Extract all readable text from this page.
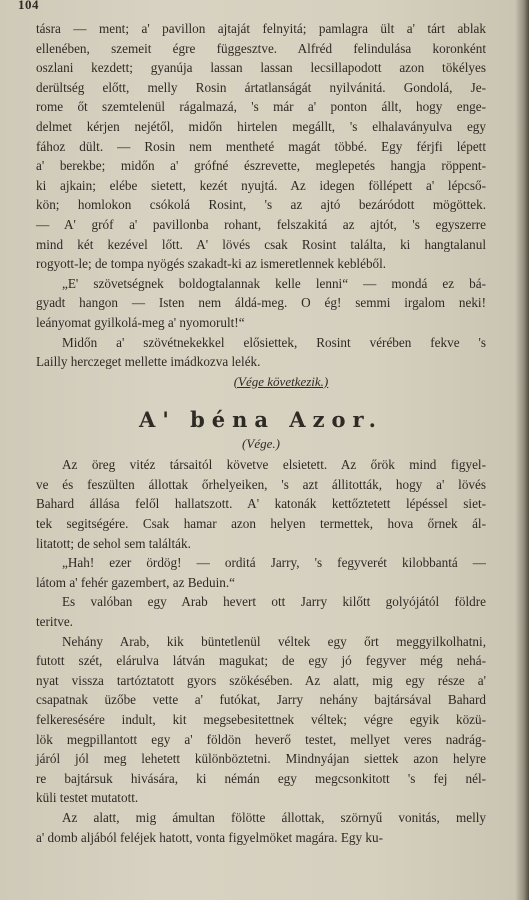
104
tásra — ment; a' pavillon ajtaját felnyitá; pamlagra ült a' tárt ablak
ellenében, szemeit égre függesztve. Alfréd felindulása koronként
oszlani kezdett; gyanúja lassan lassan lecsillapodott azon tökélyes
derültség előtt, melly Rosin ártatlanságát nyilvánitá. Gondolá, Je-
rome őt szemtelenül rágalmazá, 's már a' ponton állt, hogy enge-
delmet kérjen nejétől, midőn hirtelen megállt, 's elhalaványulva egy
fához dült. — Rosin nem mentheté magát többé. Egy férjfi lépett
a' berekbe; midőn a' grófné észrevette, meglepetés hangja röppent-
ki ajkain; elébe sietett, kezét nyujtá. Az idegen föllépett a' lépcső-
kön; homlokon csókolá Rosint, 's az ajtó bezáródott mögöttek.
— A' gróf a' pavillonba rohant, felszakitá az ajtót, 's egyszerre
mind két kezével lőtt. A' lövés csak Rosint találta, ki hangtalanul
rogyott-le; de tompa nyögés szakadt-ki az ismeretlennek kebléből.
„E' szövetségnek boldogtalannak kelle lenni“ — mondá ez bá-
gyadt hangon — Isten nem áldá-meg. O ég! semmi irgalom neki!
leányomat gyilkolá-meg a' nyomorult!“
Midőn a' szövétnekekkel elősiettek, Rosint vérében fekve 's
Lailly herczeget mellette imádkozva lelék.
(Vége következik.)
A' béna Azor.
(Vége.)
Az öreg vitéz társaitól követve elsietett. Az őrök mind figyel-
ve és feszülten állottak őrhelyeiken, 's azt állitották, hogy a' lövés
Bahard állása felől hallatszott. A' katonák kettőztetett lépéssel siet-
tek segitségére. Csak hamar azon helyen termettek, hova őrnek ál-
litatott; de sehol sem találták.
„Hah! ezer ördög! — orditá Jarry, 's fegyverét kilobbantá —
látom a' fehér gazembert, az Beduin.“
Es valóban egy Arab hevert ott Jarry kilőtt golyójától földre
teritve.
Nehány Arab, kik büntetlenül véltek egy őrt meggyilkolhatni,
futott szét, elárulva látván magukat; de egy jó fegyver még nehá-
nyat vissza tartóztatott gyors szökésében. Az alatt, mig egy része a'
csapatnak üzőbe vette a' futókat, Jarry nehány bajtársával Bahard
felkeresésére indult, kit megsebesitettnek véltek; végre egyik közü-
lök megpillantott egy a' földön heverő testet, mellyet veres nadrág-
járól jól meg lehetett különböztetni. Mindnyájan siettek azon helyre
re bajtársuk hivására, ki némán egy megcsonkitott 's fej nél-
küli testet mutatott.
Az alatt, mig ámultan fölötte állottak, szörnyű vonitás, melly
a' domb aljából feléjek hatott, vonta figyelmöket magára. Egy ku-
